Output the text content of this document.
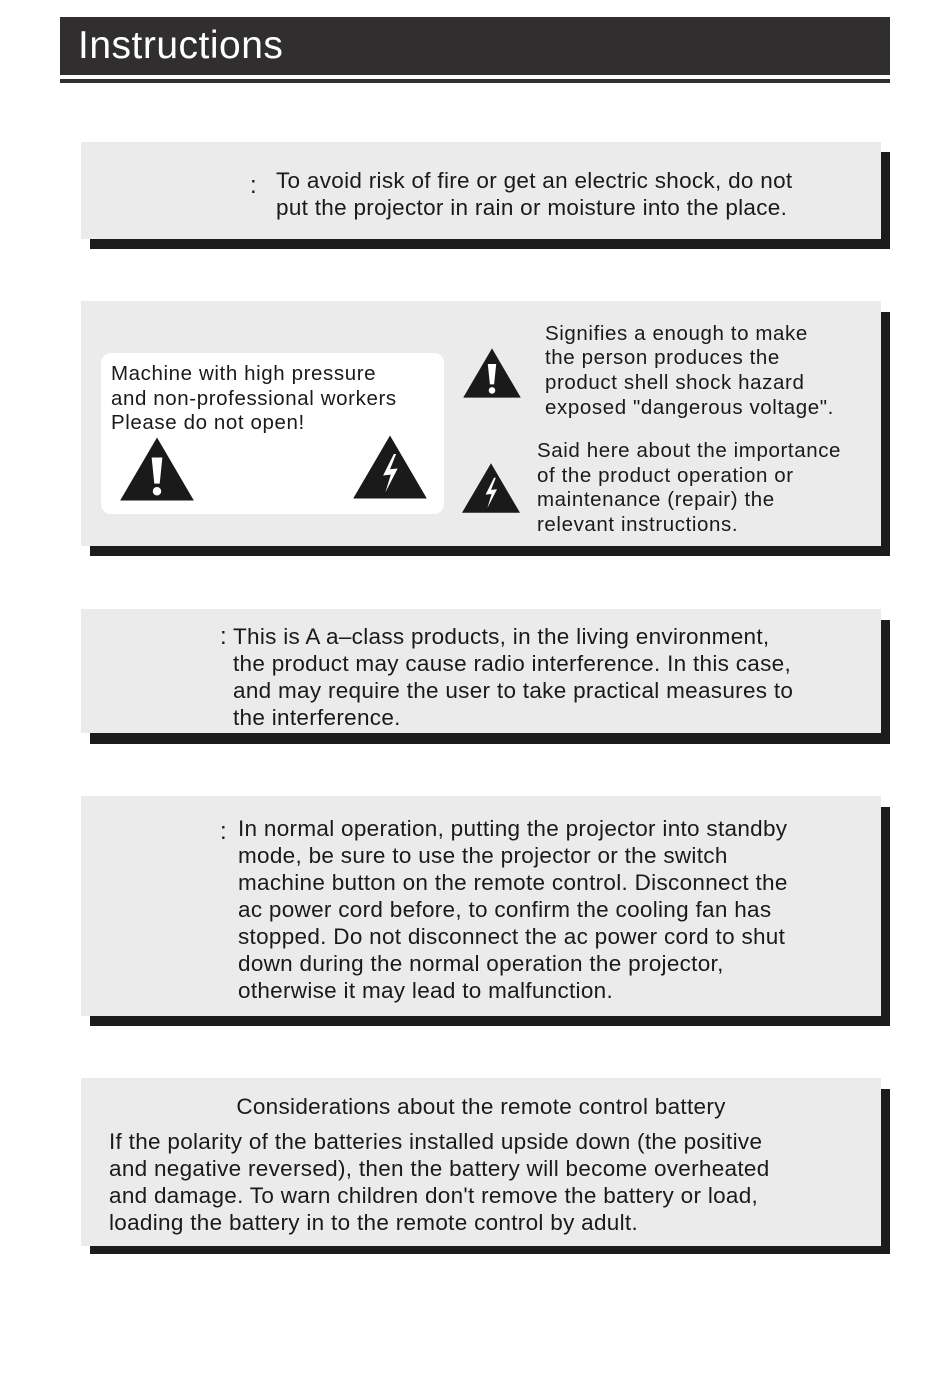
Instructions
: To avoid risk of fire or get an electric shock, do not
put the projector in rain or moisture into the place.
Machine with high pressure
and non-professional workers
Please do not open!
Signifies a enough to make
the person produces the
product shell shock hazard
exposed "dangerous voltage".
Said here about the importance
of the product operation or
maintenance (repair) the
relevant instructions.
: This is A a–class products, in the living environment,
the product may cause radio interference. In this case,
and may require the user to take practical measures to
the interference.
: In normal operation, putting the projector into standby
mode, be sure to use the projector or the switch
machine button on the remote control. Disconnect the
ac power cord before, to confirm the cooling fan has
stopped. Do not disconnect the ac power cord to shut
down during the normal operation the projector,
otherwise it may lead to malfunction.
Considerations about the remote control battery
If the polarity of the batteries installed upside down (the positive
and negative reversed), then the battery will become overheated
and damage. To warn children don't remove the battery or load,
loading the battery in to the remote control by adult.
